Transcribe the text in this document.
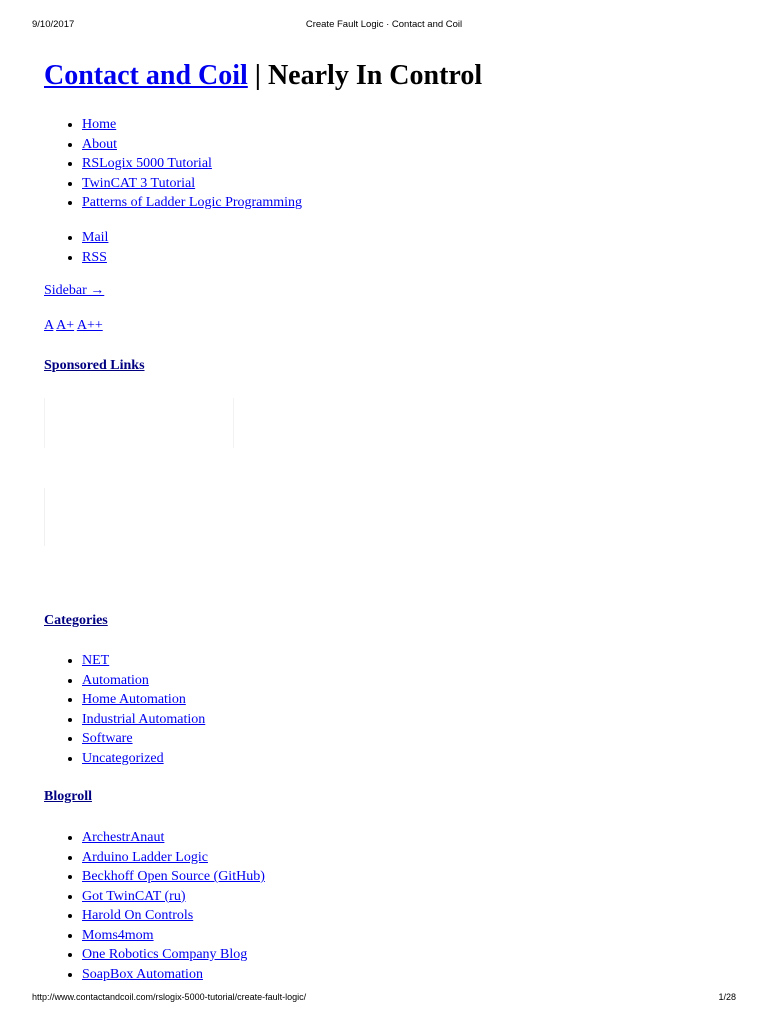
9/10/2017	Create Fault Logic · Contact and Coil
Contact and Coil | Nearly In Control
• Home
• About
• RSLogix 5000 Tutorial
• TwinCAT 3 Tutorial
• Patterns of Ladder Logic Programming
• Mail
• RSS
Sidebar →
A A+ A++
Sponsored Links
Categories
• NET
• Automation
• Home Automation
• Industrial Automation
• Software
• Uncategorized
Blogroll
• ArchestrAnaut
• Arduino Ladder Logic
• Beckhoff Open Source (GitHub)
• Got TwinCAT (ru)
• Harold On Controls
• Moms4mom
• One Robotics Company Blog
• SoapBox Automation
http://www.contactandcoil.com/rslogix-5000-tutorial/create-fault-logic/	1/28
